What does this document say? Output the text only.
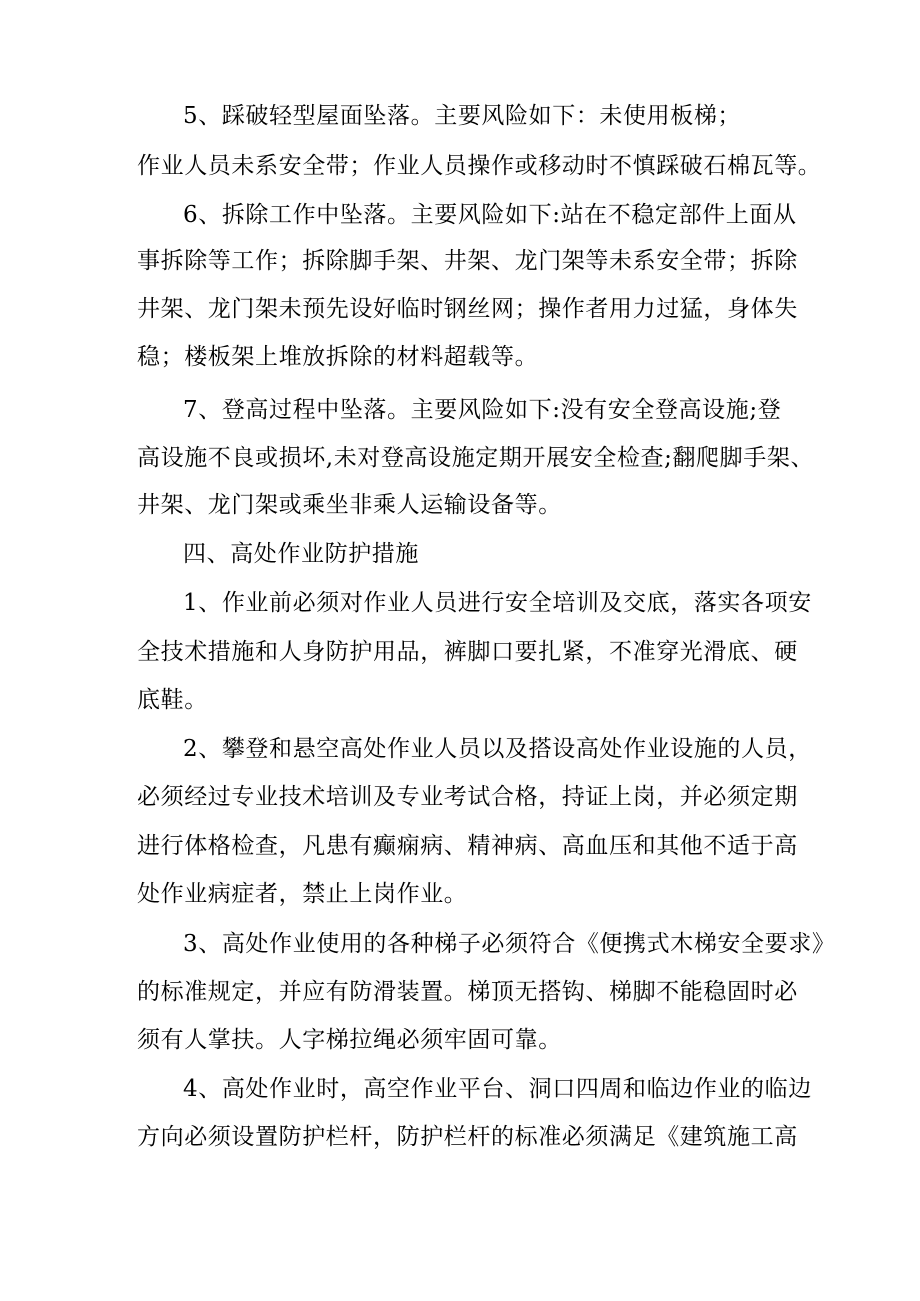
5、踩破轻型屋面坠落。主要风险如下：未使用板梯；
作业人员未系安全带；作业人员操作或移动时不慎踩破石棉瓦等。
6、拆除工作中坠落。主要风险如下:站在不稳定部件上面从
事拆除等工作；拆除脚手架、井架、龙门架等未系安全带；拆除
井架、龙门架未预先设好临时钢丝网；操作者用力过猛，身体失
稳；楼板架上堆放拆除的材料超载等。
7、登高过程中坠落。主要风险如下:没有安全登高设施;登
高设施不良或损坏,未对登高设施定期开展安全检查;翻爬脚手架、
井架、龙门架或乘坐非乘人运输设备等。
四、高处作业防护措施
1、作业前必须对作业人员进行安全培训及交底，落实各项安
全技术措施和人身防护用品，裤脚口要扎紧，不准穿光滑底、硬
底鞋。
2、攀登和悬空高处作业人员以及搭设高处作业设施的人员，
必须经过专业技术培训及专业考试合格，持证上岗，并必须定期
进行体格检查，凡患有癫痫病、精神病、高血压和其他不适于高
处作业病症者，禁止上岗作业。
3、高处作业使用的各种梯子必须符合《便携式木梯安全要求》
的标准规定，并应有防滑装置。梯顶无搭钩、梯脚不能稳固时必
须有人掌扶。人字梯拉绳必须牢固可靠。
4、高处作业时，高空作业平台、洞口四周和临边作业的临边
方向必须设置防护栏杆，防护栏杆的标准必须满足《建筑施工高
